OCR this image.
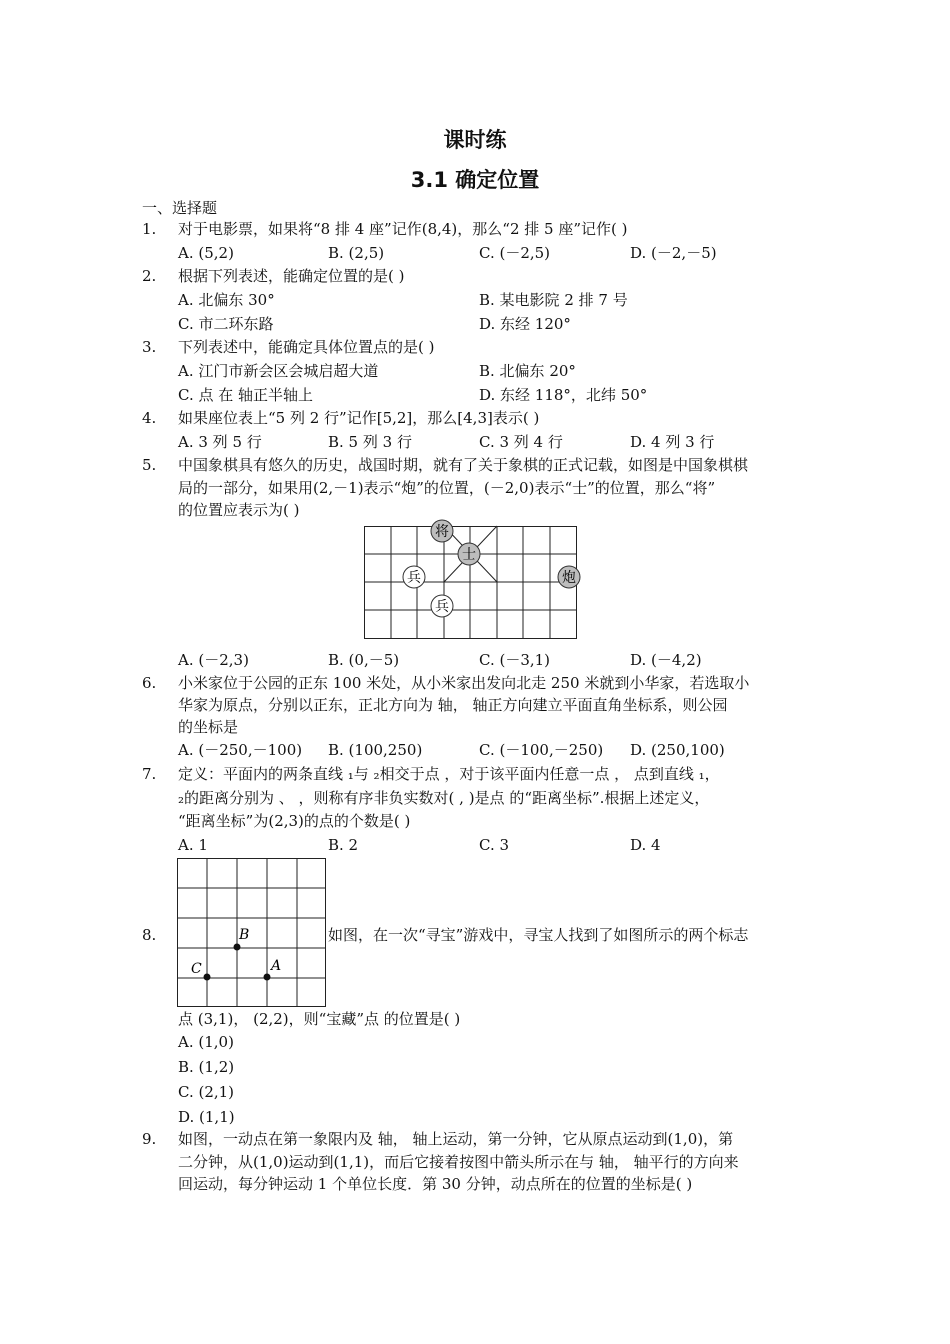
课时练
3.1 确定位置
一、选择题
1. 对于电影票，如果将“8 排 4 座”记作(8,4)，那么“2 排 5 座”记作( )
A. (5,2)	B. (2,5)	C. (－2,5)	D. (－2,－5)
2. 根据下列表述，能确定位置的是( )
A. 北偏东 30°	B. 某电影院 2 排 7 号
C. 市二环东路	D. 东经 120°
3. 下列表述中，能确定具体位置点的是( )
A. 江门市新会区会城启超大道	B. 北偏东 20°
C. 点 在 轴正半轴上	D. 东经 118°，北纬 50°
4. 如果座位表上“5 列 2 行”记作[5,2]，那么[4,3]表示( )
A. 3 列 5 行	B. 5 列 3 行	C. 3 列 4 行	D. 4 列 3 行
5. 中国象棋具有悠久的历史，战国时期，就有了关于象棋的正式记载，如图是中国象棋棋
局的一部分，如果用(2,－1)表示“炮”的位置，(－2,0)表示“士”的位置，那么“将”
的位置应表示为( )
将
士
炮
兵
兵
A. (－2,3)	B. (0,－5)	C. (－3,1)	D. (－4,2)
6. 小米家位于公园的正东 100 米处，从小米家出发向北走 250 米就到小华家，若选取小
华家为原点，分别以正东，正北方向为 轴， 轴正方向建立平面直角坐标系，则公园
的坐标是
A. (－250,－100) B. (100,250)	C. (－100,－250) D. (250,100)
7. 定义：平面内的两条直线 ₁与 ₂相交于点 ，对于该平面内任意一点 ， 点到直线 ₁，
₂的距离分别为 、 ，则称有序非负实数对( , )是点 的“距离坐标”.根据上述定义，
“距离坐标”为(2,3)的点的个数是( )
A. 1	B. 2	C. 3	D. 4
B
C	A
8.	如图，在一次“寻宝”游戏中，寻宝人找到了如图所示的两个标志
点 (3,1)， (2,2)，则“宝藏”点 的位置是( )
A. (1,0)
B. (1,2)
C. (2,1)
D. (1,1)
9. 如图，一动点在第一象限内及 轴， 轴上运动，第一分钟，它从原点运动到(1,0)，第
二分钟，从(1,0)运动到(1,1)，而后它接着按图中箭头所示在与 轴， 轴平行的方向来
回运动，每分钟运动 1 个单位长度．第 30 分钟，动点所在的位置的坐标是( )
